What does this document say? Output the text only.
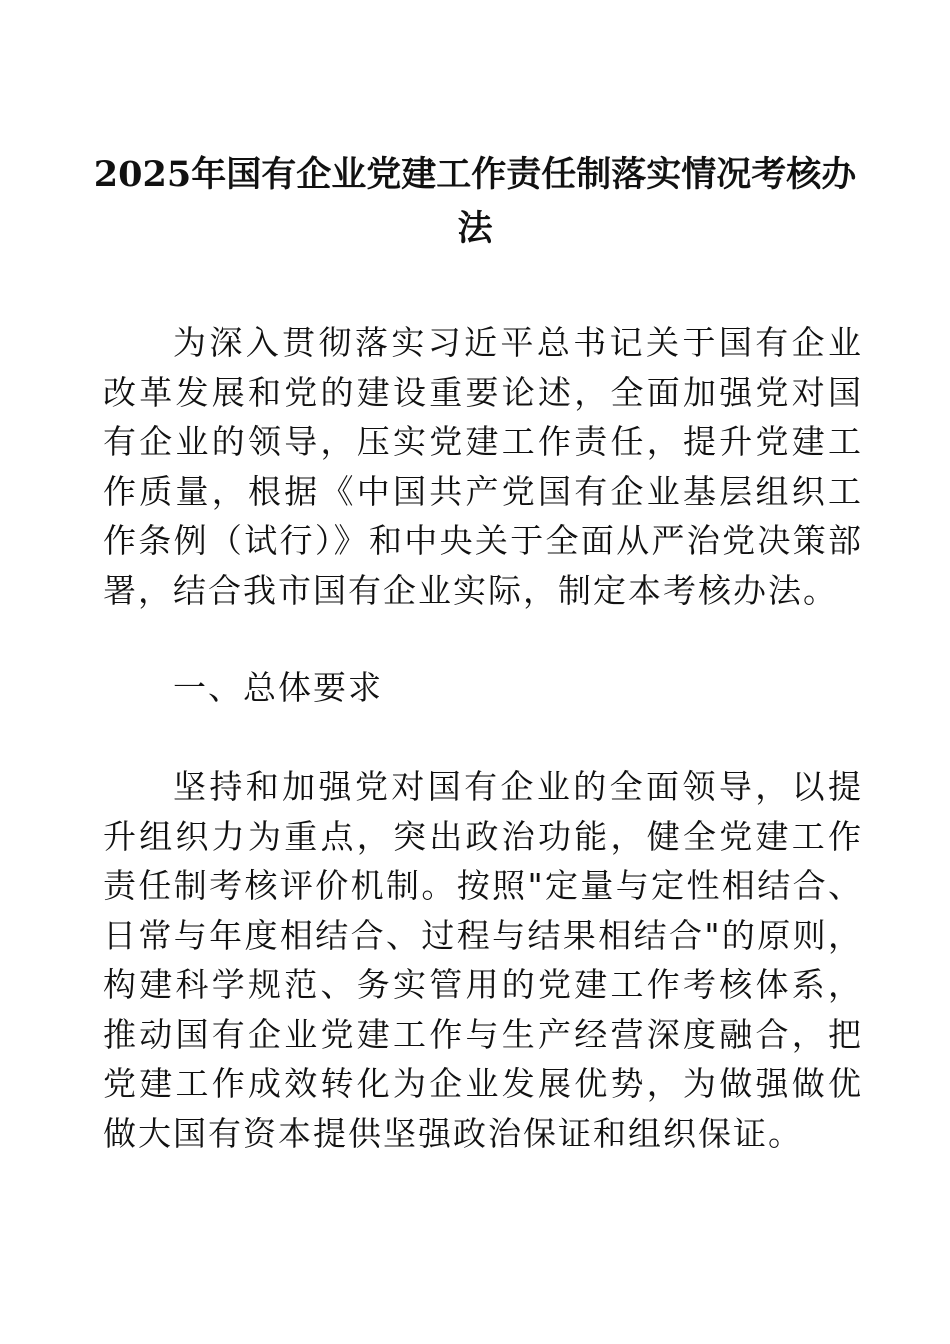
2025年国有企业党建工作责任制落实情况考核办法

为深入贯彻落实习近平总书记关于国有企业改革发展和党的建设重要论述，全面加强党对国有企业的领导，压实党建工作责任，提升党建工作质量，根据《中国共产党国有企业基层组织工作条例（试行）》和中央关于全面从严治党决策部署，结合我市国有企业实际，制定本考核办法。

一、总体要求

坚持和加强党对国有企业的全面领导，以提升组织力为重点，突出政治功能，健全党建工作责任制考核评价机制。按照"定量与定性相结合、日常与年度相结合、过程与结果相结合"的原则，构建科学规范、务实管用的党建工作考核体系，推动国有企业党建工作与生产经营深度融合，把党建工作成效转化为企业发展优势，为做强做优做大国有资本提供坚强政治保证和组织保证。
